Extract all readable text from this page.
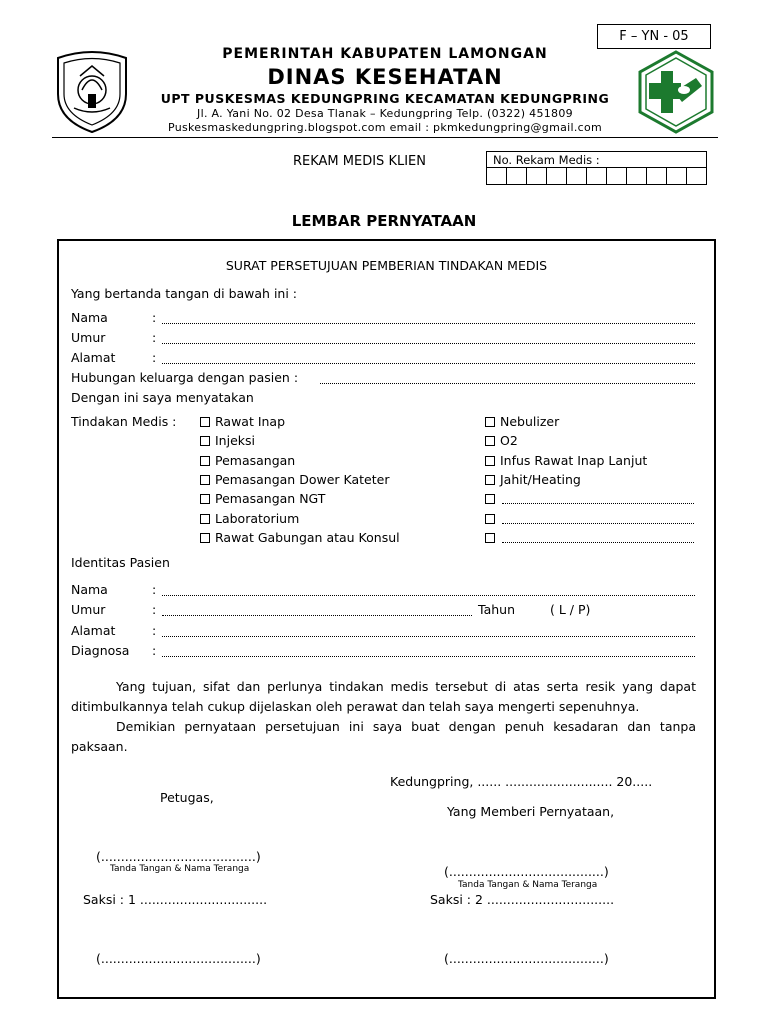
F – YN - 05
PEMERINTAH KABUPATEN LAMONGAN
DINAS KESEHATAN
UPT PUSKESMAS KEDUNGPRING KECAMATAN KEDUNGPRING
Jl. A. Yani No. 02 Desa Tlanak – Kedungpring Telp. (0322) 451809
Puskesmaskedungpring.blogspot.com email : pkmkedungpring@gmail.com
REKAM MEDIS KLIEN	No. Rekam Medis :
LEMBAR PERNYATAAN
SURAT PERSETUJUAN PEMBERIAN TINDAKAN MEDIS
Yang bertanda tangan di bawah ini :
Nama	:
Umur	:
Alamat	:
Hubungan keluarga dengan pasien :
Dengan ini saya menyatakan
Tindakan Medis :	Rawat Inap
Injeksi
Pemasangan
Pemasangan Dower Kateter
Pemasangan NGT
Laboratorium
Rawat Gabungan atau Konsul
Nebulizer
O2
Infus Rawat Inap Lanjut
Jahit/Heating
Identitas Pasien
Nama	:
Umur	:	Tahun	( L / P)
Alamat	:
Diagnosa :

Yang tujuan, sifat dan perlunya tindakan medis tersebut di atas serta resik yang dapat ditimbulkannya telah cukup dijelaskan oleh perawat dan telah saya mengerti sepenuhnya.

Demikian pernyataan persetujuan ini saya buat dengan penuh kesadaran dan tanpa paksaan.

Kedungpring, ...... ........................... 20.....
Petugas,
Yang Memberi Pernyataan,
(.......................................)
Tanda Tangan & Nama Teranga	(.......................................)
Tanda Tangan & Nama Teranga
Saksi : 1 ................................	Saksi : 2 ................................
(.......................................)	(.......................................)
